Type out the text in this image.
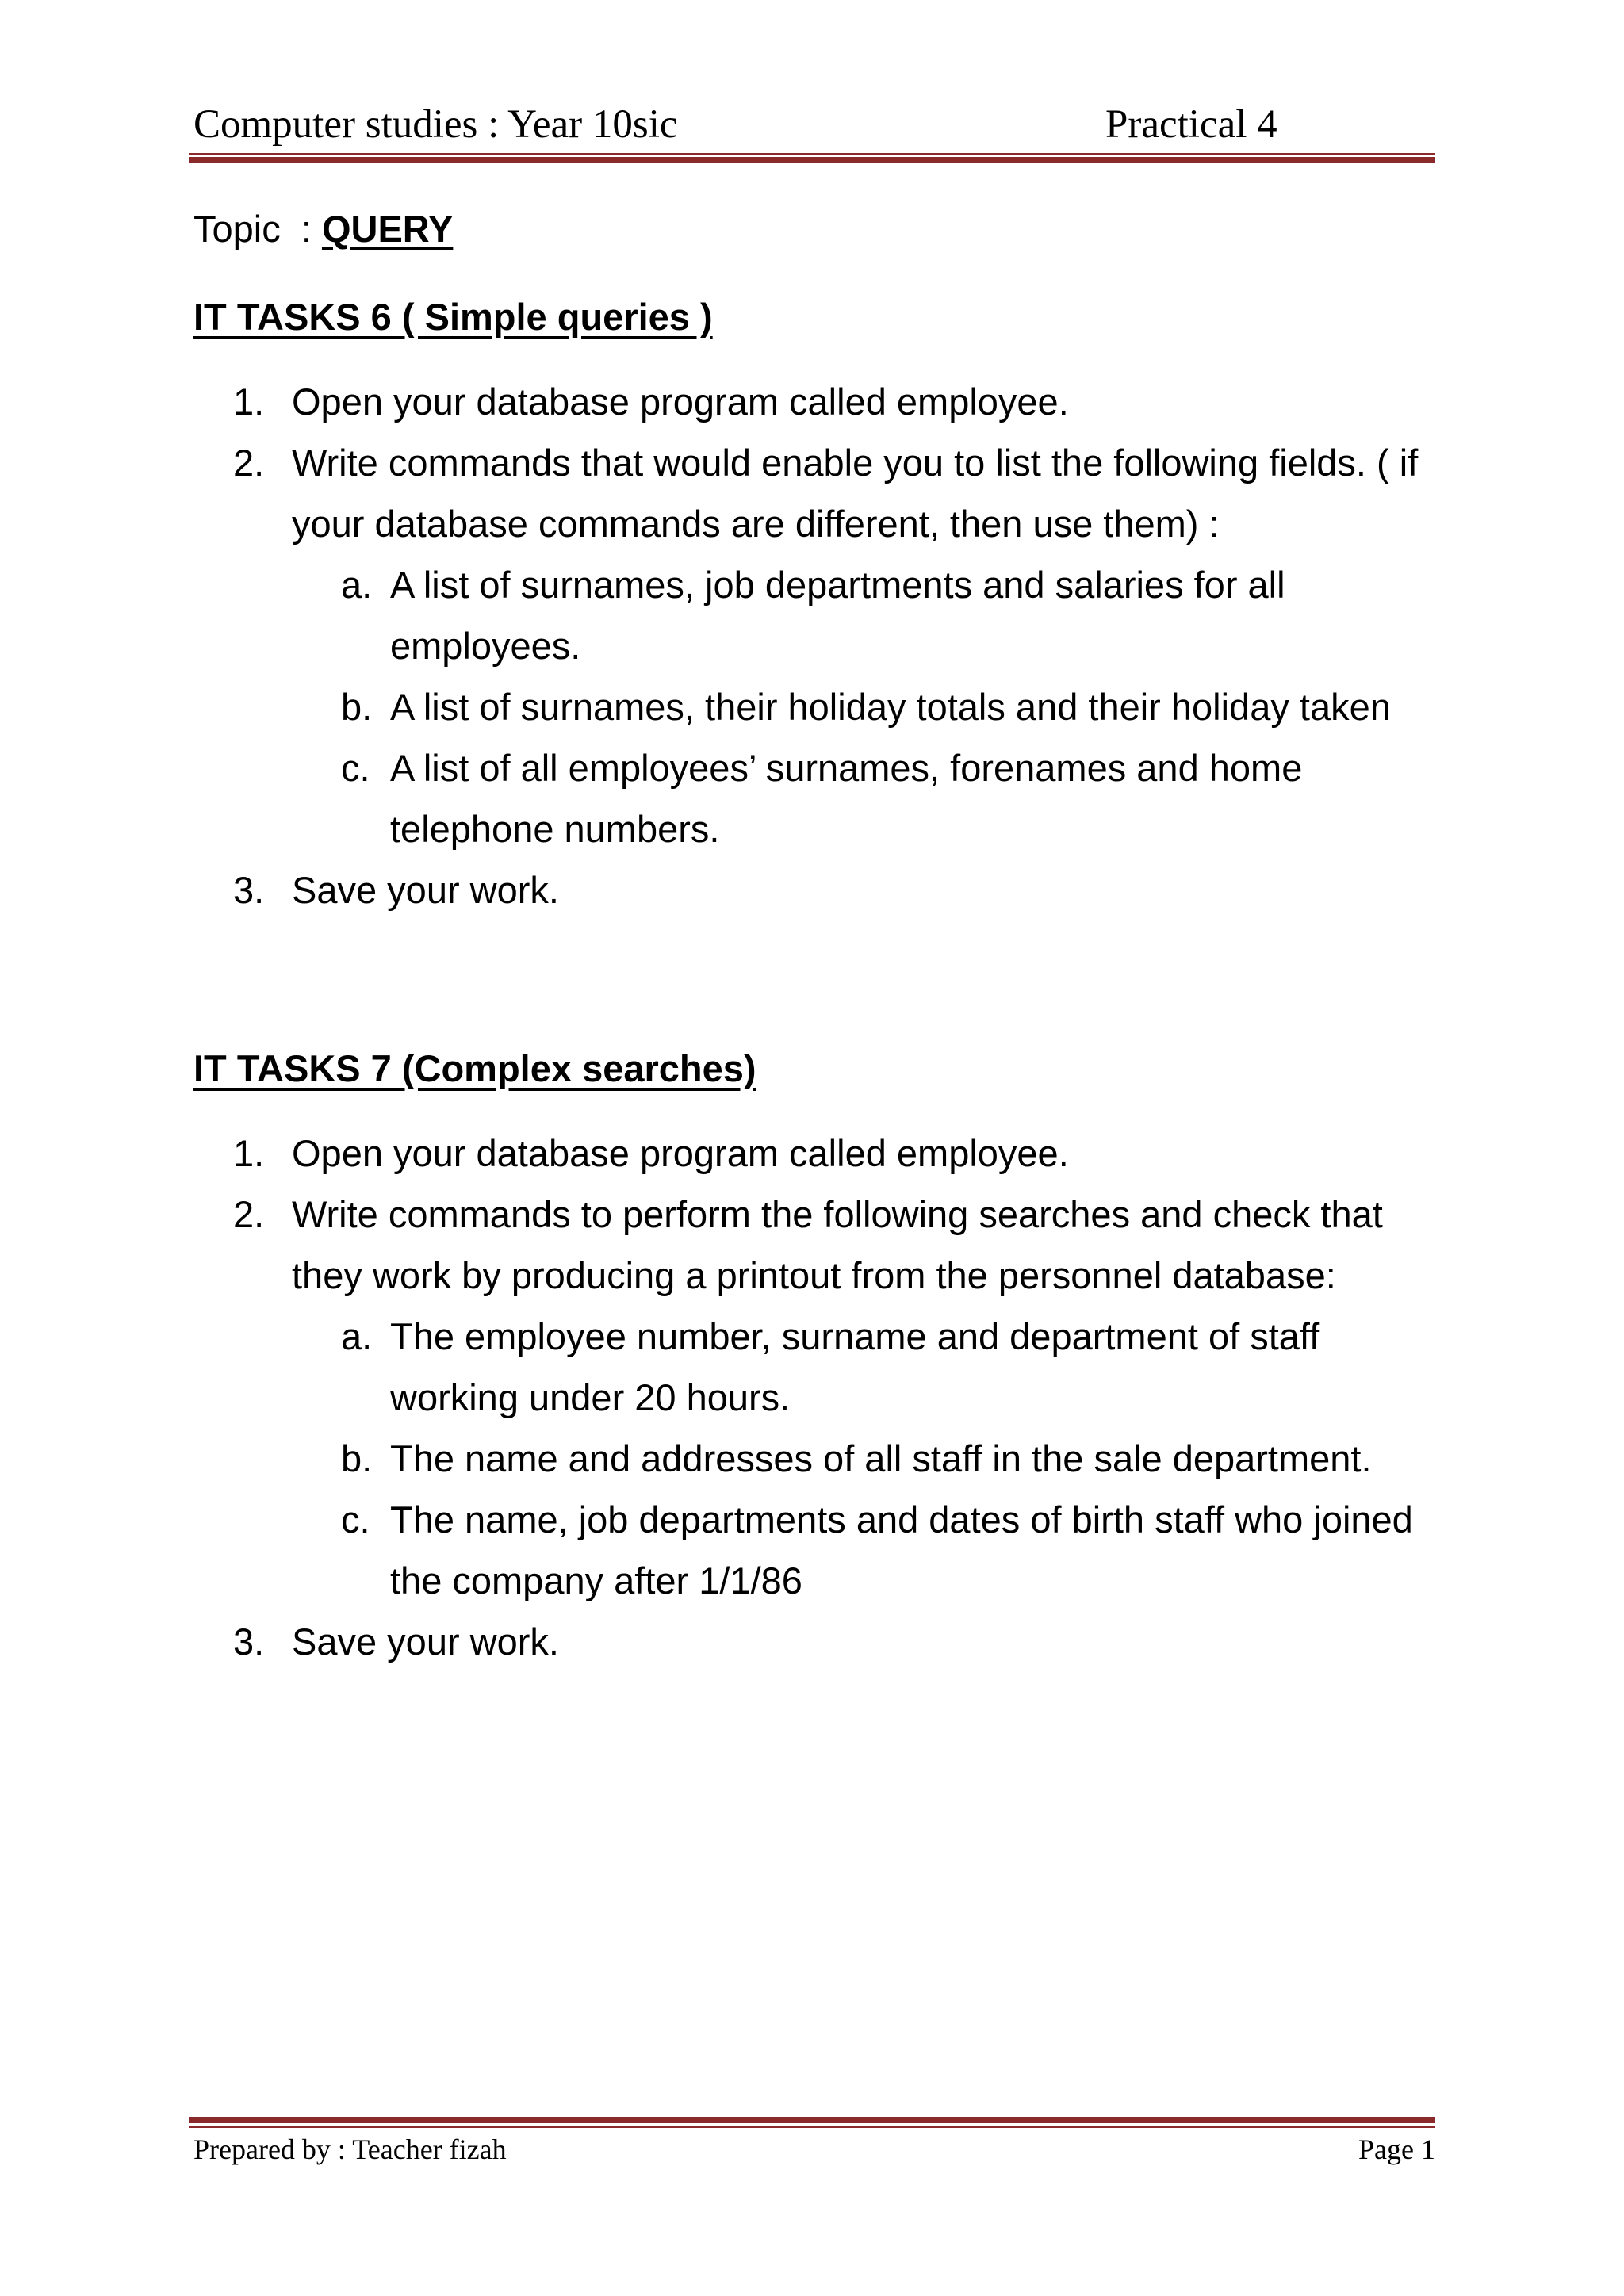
Computer studies : Year 10sic	Practical 4

Topic  : QUERY

IT TASKS 6 ( Simple queries )

1. Open your database program called employee.
2. Write commands that would enable you to list the following fields. ( if your database commands are different, then use them) :
a. A list of surnames, job departments and salaries for all employees.
b. A list of surnames, their holiday totals and their holiday taken
c. A list of all employees’ surnames, forenames and home telephone numbers.
3. Save your work.

IT TASKS 7 (Complex searches)

1. Open your database program called employee.
2. Write commands to perform the following searches and check that they work by producing a printout from the personnel database:
a. The employee number, surname and department of staff working under 20 hours.
b. The name and addresses of all staff in the sale department.
c. The name, job departments and dates of birth staff who joined the company after 1/1/86
3. Save your work.
Prepared by : Teacher fizah	Page 1
